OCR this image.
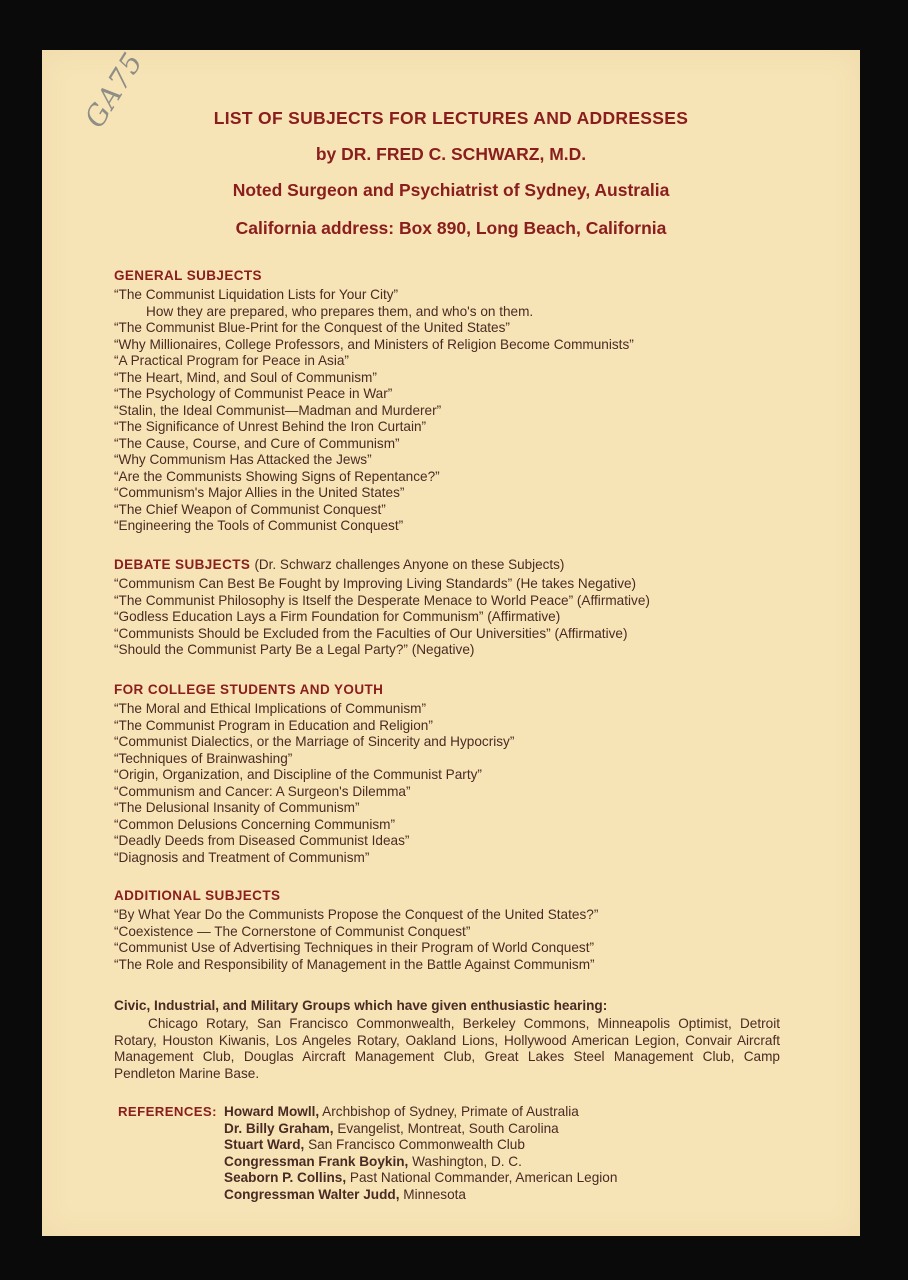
GA75	LIST OF SUBJECTS FOR LECTURES AND ADDRESSES
by DR. FRED C. SCHWARZ, M.D.
Noted Surgeon and Psychiatrist of Sydney, Australia
California address: Box 890, Long Beach, California
GENERAL SUBJECTS
“The Communist Liquidation Lists for Your City”
How they are prepared, who prepares them, and who's on them.
“The Communist Blue-Print for the Conquest of the United States”
“Why Millionaires, College Professors, and Ministers of Religion Become Communists”
“A Practical Program for Peace in Asia”
“The Heart, Mind, and Soul of Communism”
“The Psychology of Communist Peace in War”
“Stalin, the Ideal Communist—Madman and Murderer”
“The Significance of Unrest Behind the Iron Curtain”
“The Cause, Course, and Cure of Communism”
“Why Communism Has Attacked the Jews”
“Are the Communists Showing Signs of Repentance?”
“Communism's Major Allies in the United States”
“The Chief Weapon of Communist Conquest”
“Engineering the Tools of Communist Conquest”
DEBATE SUBJECTS (Dr. Schwarz challenges Anyone on these Subjects)
“Communism Can Best Be Fought by Improving Living Standards” (He takes Negative)
“The Communist Philosophy is Itself the Desperate Menace to World Peace” (Affirmative)
“Godless Education Lays a Firm Foundation for Communism” (Affirmative)
“Communists Should be Excluded from the Faculties of Our Universities” (Affirmative)
“Should the Communist Party Be a Legal Party?” (Negative)
FOR COLLEGE STUDENTS AND YOUTH
“The Moral and Ethical Implications of Communism”
“The Communist Program in Education and Religion”
“Communist Dialectics, or the Marriage of Sincerity and Hypocrisy”
“Techniques of Brainwashing”
“Origin, Organization, and Discipline of the Communist Party”
“Communism and Cancer: A Surgeon's Dilemma”
“The Delusional Insanity of Communism”
“Common Delusions Concerning Communism”
“Deadly Deeds from Diseased Communist Ideas”
“Diagnosis and Treatment of Communism”
ADDITIONAL SUBJECTS
“By What Year Do the Communists Propose the Conquest of the United States?”
“Coexistence — The Cornerstone of Communist Conquest”
“Communist Use of Advertising Techniques in their Program of World Conquest”
“The Role and Responsibility of Management in the Battle Against Communism”
Civic, Industrial, and Military Groups which have given enthusiastic hearing:
Chicago Rotary, San Francisco Commonwealth, Berkeley Commons, Minneapolis Optimist, Detroit Rotary, Houston Kiwanis, Los Angeles Rotary, Oakland Lions, Hollywood American Legion, Convair Aircraft Management Club, Douglas Aircraft Management Club, Great Lakes Steel Management Club, Camp Pendleton Marine Base.
REFERENCES: Howard Mowll, Archbishop of Sydney, Primate of Australia
Dr. Billy Graham, Evangelist, Montreat, South Carolina
Stuart Ward, San Francisco Commonwealth Club
Congressman Frank Boykin, Washington, D. C.
Seaborn P. Collins, Past National Commander, American Legion
Congressman Walter Judd, Minnesota
